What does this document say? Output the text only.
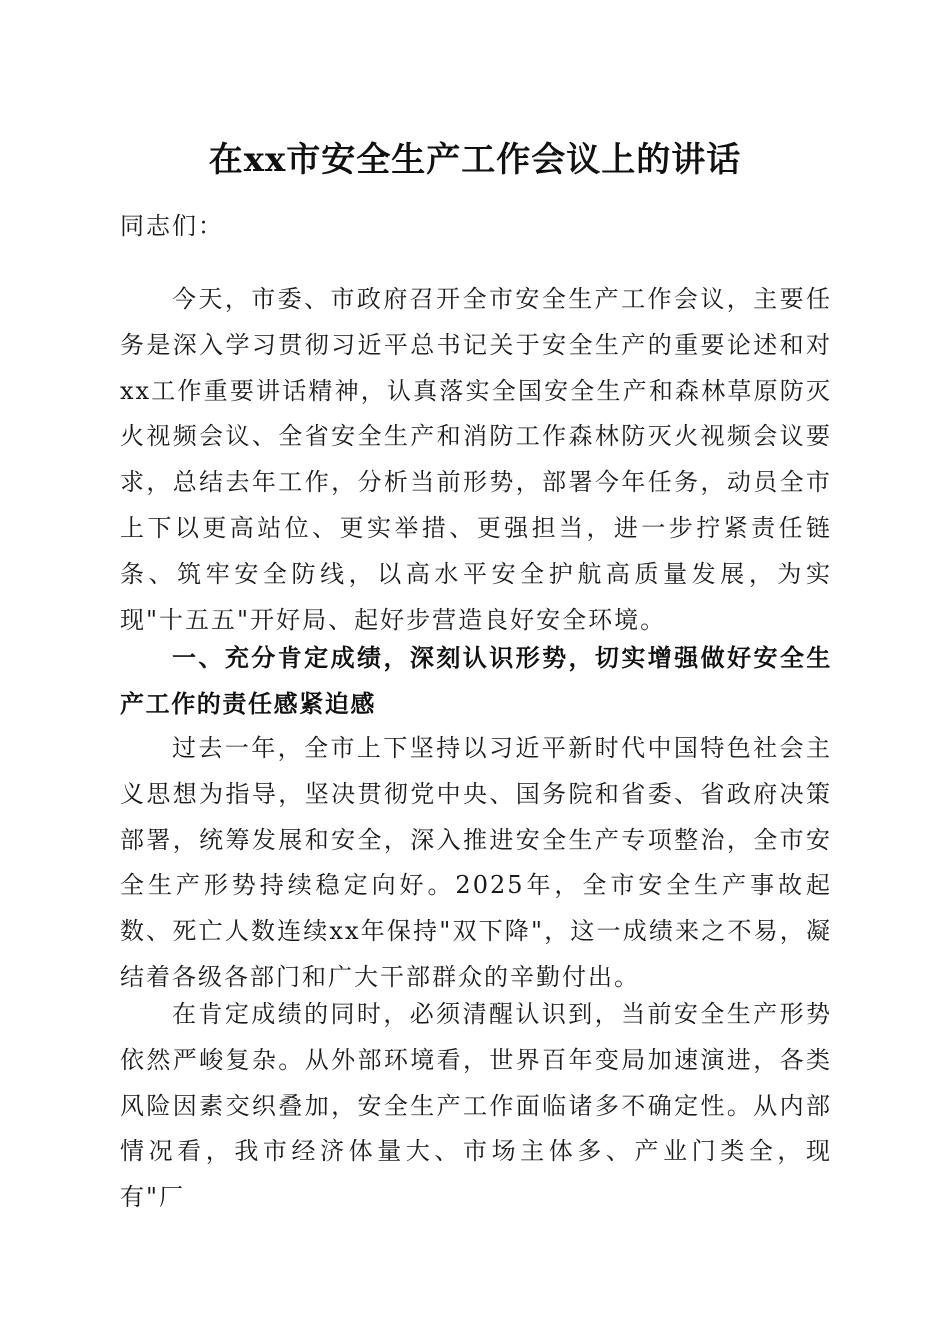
在xx市安全生产工作会议上的讲话

同志们：

今天，市委、市政府召开全市安全生产工作会议，主要任务是深入学习贯彻习近平总书记关于安全生产的重要论述和对xx工作重要讲话精神，认真落实全国安全生产和森林草原防灭火视频会议、全省安全生产和消防工作森林防灭火视频会议要求，总结去年工作，分析当前形势，部署今年任务，动员全市上下以更高站位、更实举措、更强担当，进一步拧紧责任链条、筑牢安全防线，以高水平安全护航高质量发展，为实现"十五五"开好局、起好步营造良好安全环境。

一、充分肯定成绩，深刻认识形势，切实增强做好安全生产工作的责任感紧迫感

过去一年，全市上下坚持以习近平新时代中国特色社会主义思想为指导，坚决贯彻党中央、国务院和省委、省政府决策部署，统筹发展和安全，深入推进安全生产专项整治，全市安全生产形势持续稳定向好。2025年，全市安全生产事故起数、死亡人数连续xx年保持"双下降"，这一成绩来之不易，凝结着各级各部门和广大干部群众的辛勤付出。

在肯定成绩的同时，必须清醒认识到，当前安全生产形势依然严峻复杂。从外部环境看，世界百年变局加速演进，各类风险因素交织叠加，安全生产工作面临诸多不确定性。从内部情况看，我市经济体量大、市场主体多、产业门类全，现有"厂
